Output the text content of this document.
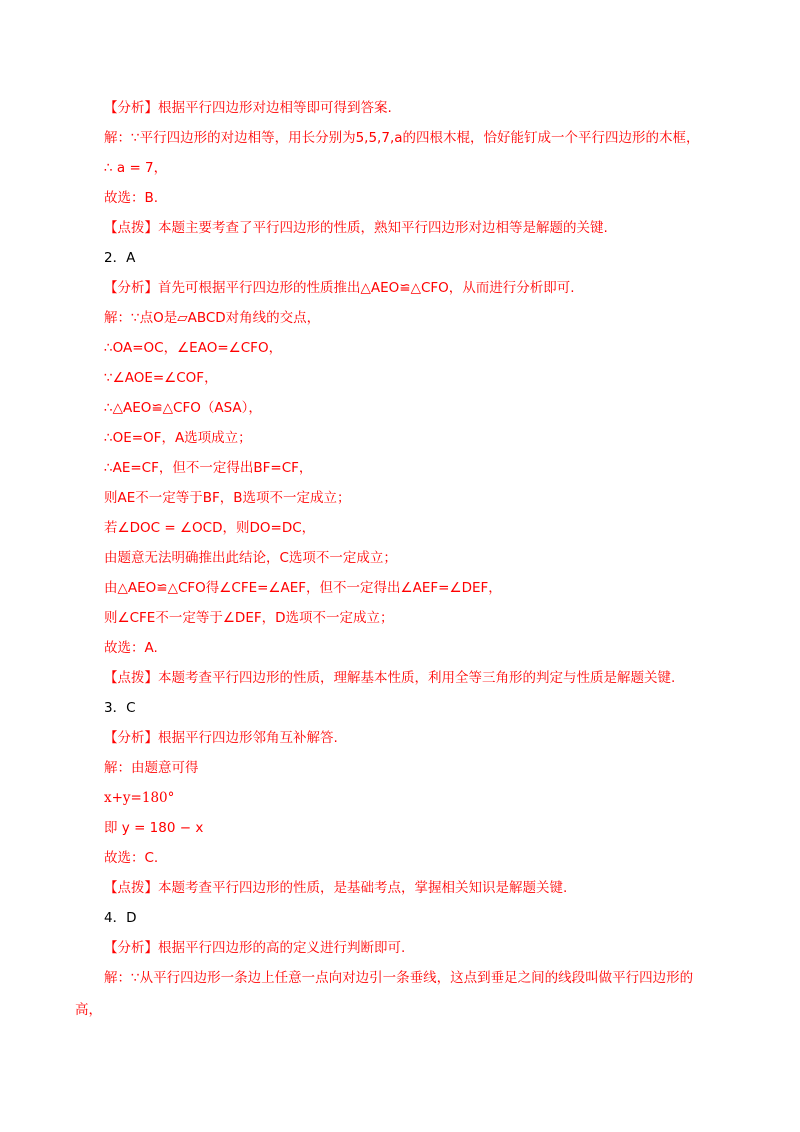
【分析】根据平行四边形对边相等即可得到答案.
解：∵平行四边形的对边相等，用长分别为5,5,7,a的四根木棍，恰好能钉成一个平行四边形的木框，
∴ a = 7，
故选：B.
【点拨】本题主要考查了平行四边形的性质，熟知平行四边形对边相等是解题的关键.
2．A
【分析】首先可根据平行四边形的性质推出△AEO≌△CFO，从而进行分析即可.
解：∵点O是▱ABCD对角线的交点，
∴OA=OC，∠EAO=∠CFO，
∵∠AOE=∠COF，
∴△AEO≌△CFO（ASA），
∴OE=OF，A选项成立；
∴AE=CF，但不一定得出BF=CF，
则AE不一定等于BF，B选项不一定成立；
若∠DOC = ∠OCD，则DO=DC，
由题意无法明确推出此结论，C选项不一定成立；
由△AEO≌△CFO得∠CFE=∠AEF，但不一定得出∠AEF=∠DEF，
则∠CFE不一定等于∠DEF，D选项不一定成立；
故选：A.
【点拨】本题考查平行四边形的性质，理解基本性质，利用全等三角形的判定与性质是解题关键.
3．C
【分析】根据平行四边形邻角互补解答.
解：由题意可得
x+y=180°
即 y = 180 − x
故选：C.
【点拨】本题考查平行四边形的性质，是基础考点，掌握相关知识是解题关键.
4．D
【分析】根据平行四边形的高的定义进行判断即可.
解：∵从平行四边形一条边上任意一点向对边引一条垂线，这点到垂足之间的线段叫做平行四边形的
高，
